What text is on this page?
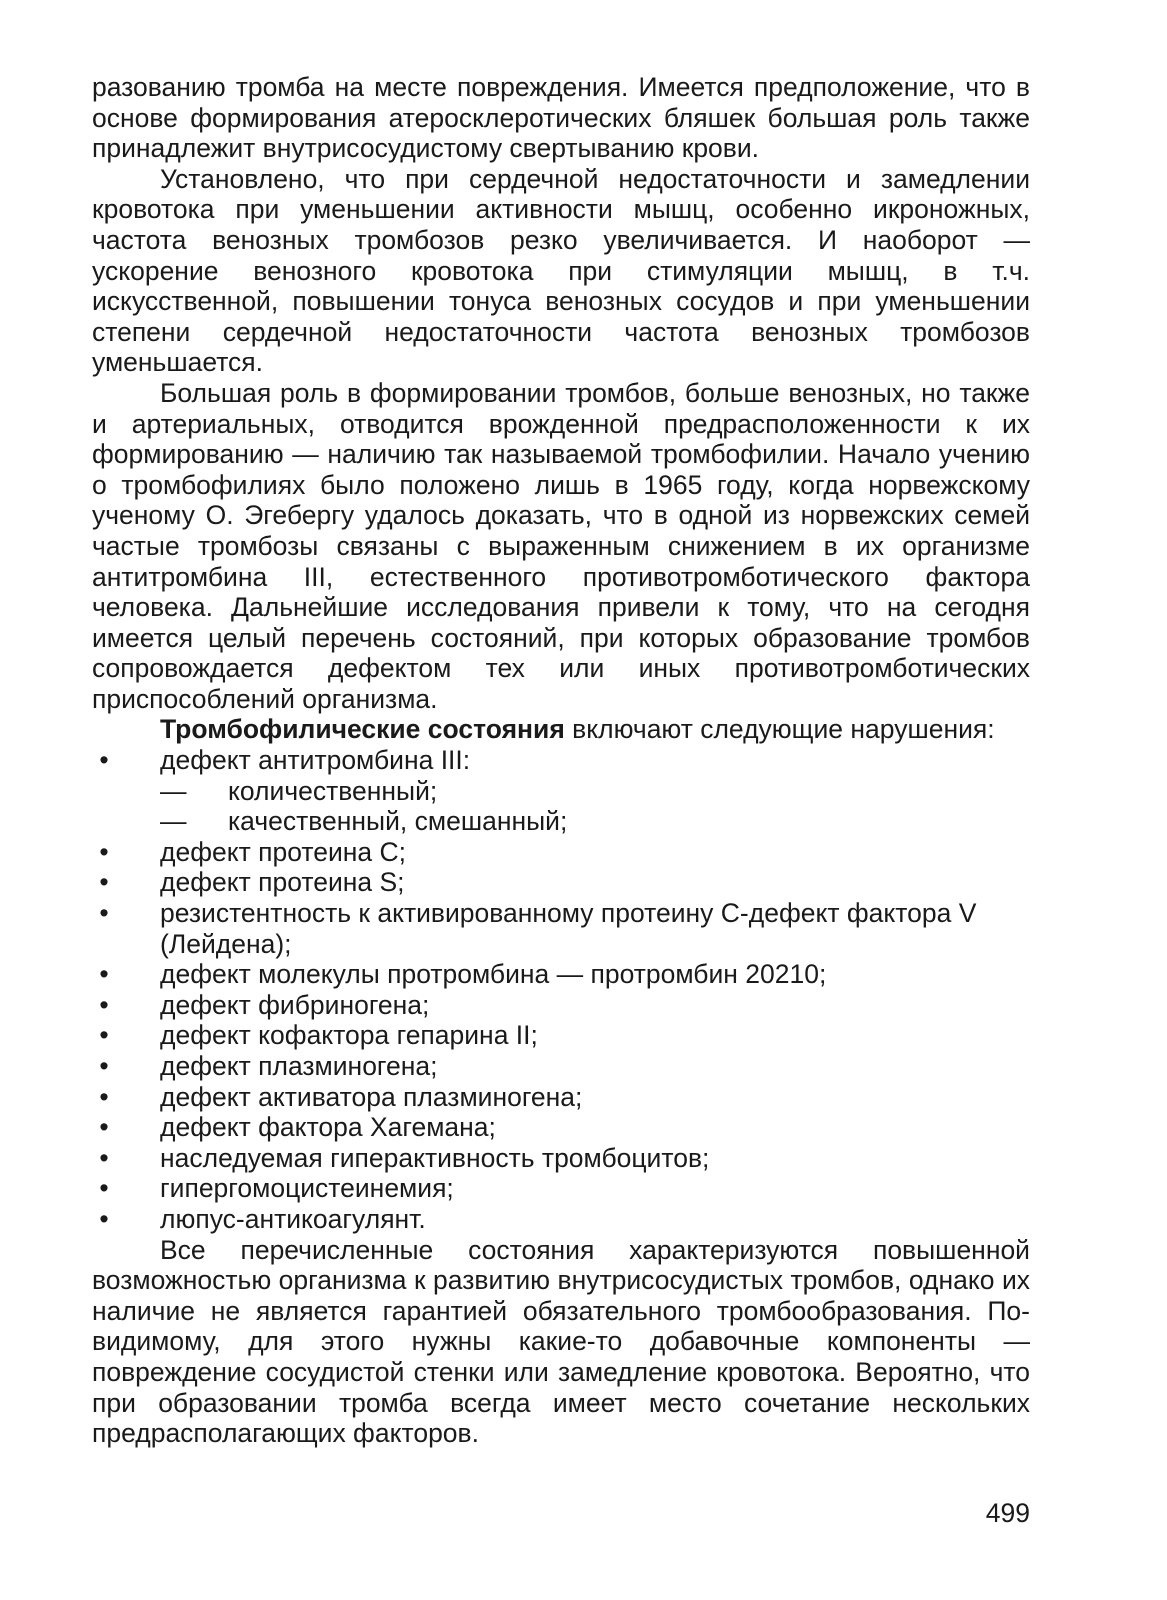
разованию тромба на месте повреждения. Имеется предположение, что в основе формирования атеросклеротических бляшек большая роль также принадлежит внутрисосудистому свертыванию крови.

Установлено, что при сердечной недостаточности и замедлении кровотока при уменьшении активности мышц, особенно икроножных, частота венозных тромбозов резко увеличивается. И наоборот — ускорение венозного кровотока при стимуляции мышц, в т.ч. искусственной, повышении тонуса венозных сосудов и при уменьшении степени сердечной недостаточности частота венозных тромбозов уменьшается.

Большая роль в формировании тромбов, больше венозных, но также и артериальных, отводится врожденной предрасположенности к их формированию — наличию так называемой тромбофилии. Начало учению о тромбофилиях было положено лишь в 1965 году, когда норвежскому ученому О. Эгебергу удалось доказать, что в одной из норвежских семей частые тромбозы связаны с выраженным снижением в их организме антитромбина III, естественного противотромботического фактора человека. Дальнейшие исследования привели к тому, что на сегодня имеется целый перечень состояний, при которых образование тромбов сопровождается дефектом тех или иных противотромботических приспособлений организма.

Тромбофилические состояния включают следующие нарушения:

• дефект антитромбина III:
— количественный;
— качественный, смешанный;
• дефект протеина С;
• дефект протеина S;
• резистентность к активированному протеину С-дефект фактора V (Лейдена);
• дефект молекулы протромбина — протромбин 20210;
• дефект фибриногена;
• дефект кофактора гепарина II;
• дефект плазминогена;
• дефект активатора плазминогена;
• дефект фактора Хагемана;
• наследуемая гиперактивность тромбоцитов;
• гипергомоцистеинемия;
• люпус-антикоагулянт.

Все перечисленные состояния характеризуются повышенной возможностью организма к развитию внутрисосудистых тромбов, однако их наличие не является гарантией обязательного тромбообразования. По-видимому, для этого нужны какие-то добавочные компоненты — повреждение сосудистой стенки или замедление кровотока. Вероятно, что при образовании тромба всегда имеет место сочетание нескольких предрасполагающих факторов.

499
